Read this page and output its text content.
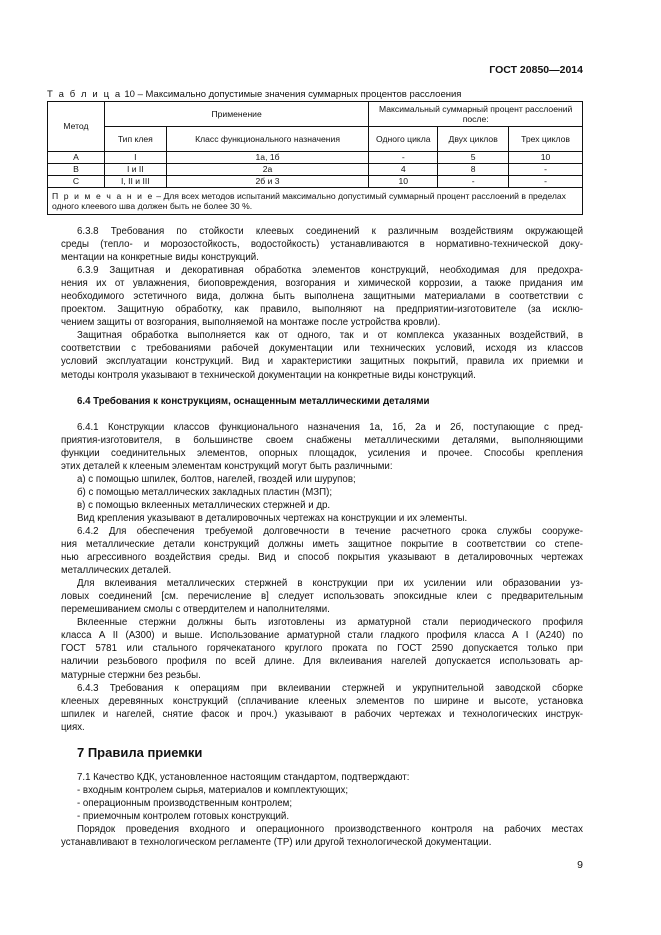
ГОСТ 20850—2014
Т а б л и ц а 10 – Максимально допустимые значения суммарных процентов расслоения
Метод	Применение		Максимальный суммарный процент расслоений после:		
	Тип клея	Класс функционального назначения	Одного цикла	Двух циклов	Трех циклов
А	I	1а, 1б	-	5	10
В	I и II	2а	4	8	-
С	I, II и III	2б и 3	10	-	-
П р и м е ч а н и е – Для всех методов испытаний максимально допустимый суммарный процент расслоений в пределах одного клеевого шва должен быть не более 30 %.					

6.3.8 Требования по стойкости клеевых соединений к различным воздействиям окружающей

среды (тепло- и морозостойкость, водостойкость) устанавливаются в нормативно-технической доку-

ментации на конкретные виды конструкций.

6.3.9 Защитная и декоративная обработка элементов конструкций, необходимая для предохра-

нения их от увлажнения, биоповреждения, возгорания и химической коррозии, а также придания им

необходимого эстетичного вида, должна быть выполнена защитными материалами в соответствии с

проектом. Защитную обработку, как правило, выполняют на предприятии-изготовителе (за исклю-

чением защиты от возгорания, выполняемой на монтаже после устройства кровли).

Защитная обработка выполняется как от одного, так и от комплекса указанных воздействий, в

соответствии с требованиями рабочей документации или технических условий, исходя из классов

условий эксплуатации конструкций. Вид и характеристики защитных покрытий, правила их приемки и

методы контроля указывают в технической документации на конкретные виды конструкций.

6.4 Требования к конструкциям, оснащенным металлическими деталями

6.4.1 Конструкции классов функционального назначения 1а, 1б, 2а и 2б, поступающие с пред-

приятия-изготовителя, в большинстве своем снабжены металлическими деталями, выполняющими

функции соединительных элементов, опорных площадок, усиления и прочее. Способы крепления

этих деталей к клееным элементам конструкций могут быть различными:

а) с помощью шпилек, болтов, нагелей, гвоздей или шурупов;

б) с помощью металлических закладных пластин (МЗП);

в) с помощью вклеенных металлических стержней и др.

Вид крепления указывают в деталировочных чертежах на конструкции и их элементы.

6.4.2 Для обеспечения требуемой долговечности в течение расчетного срока службы сооруже-

ния металлические детали конструкций должны иметь защитное покрытие в соответствии со степе-

нью агрессивного воздействия среды. Вид и способ покрытия указывают в деталировочных чертежах

металлических деталей.

Для вклеивания металлических стержней в конструкции при их усилении или образовании уз-

ловых соединений [см. перечисление в] следует использовать эпоксидные клеи с предварительным

перемешиванием смолы с отвердителем и наполнителями.

Вклеенные стержни должны быть изготовлены из арматурной стали периодического профиля

класса А II (А300) и выше. Использование арматурной стали гладкого профиля класса А I (А240) по

ГОСТ 5781 или стального горячекатаного круглого проката по ГОСТ 2590 допускается только при

наличии резьбового профиля по всей длине. Для вклеивания нагелей допускается использовать ар-

матурные стержни без резьбы.

6.4.3 Требования к операциям при вклеивании стержней и укрупнительной заводской сборке

клееных деревянных конструкций (сплачивание клееных элементов по ширине и высоте, установка

шпилек и нагелей, снятие фасок и проч.) указывают в рабочих чертежах и технологических инструк-

циях.

7 Правила приемки

7.1 Качество КДК, установленное настоящим стандартом, подтверждают:

- входным контролем сырья, материалов и комплектующих;

- операционным производственным контролем;

- приемочным контролем готовых конструкций.

Порядок проведения входного и операционного производственного контроля на рабочих местах

устанавливают в технологическом регламенте (ТР) или другой технологической документации.

9
